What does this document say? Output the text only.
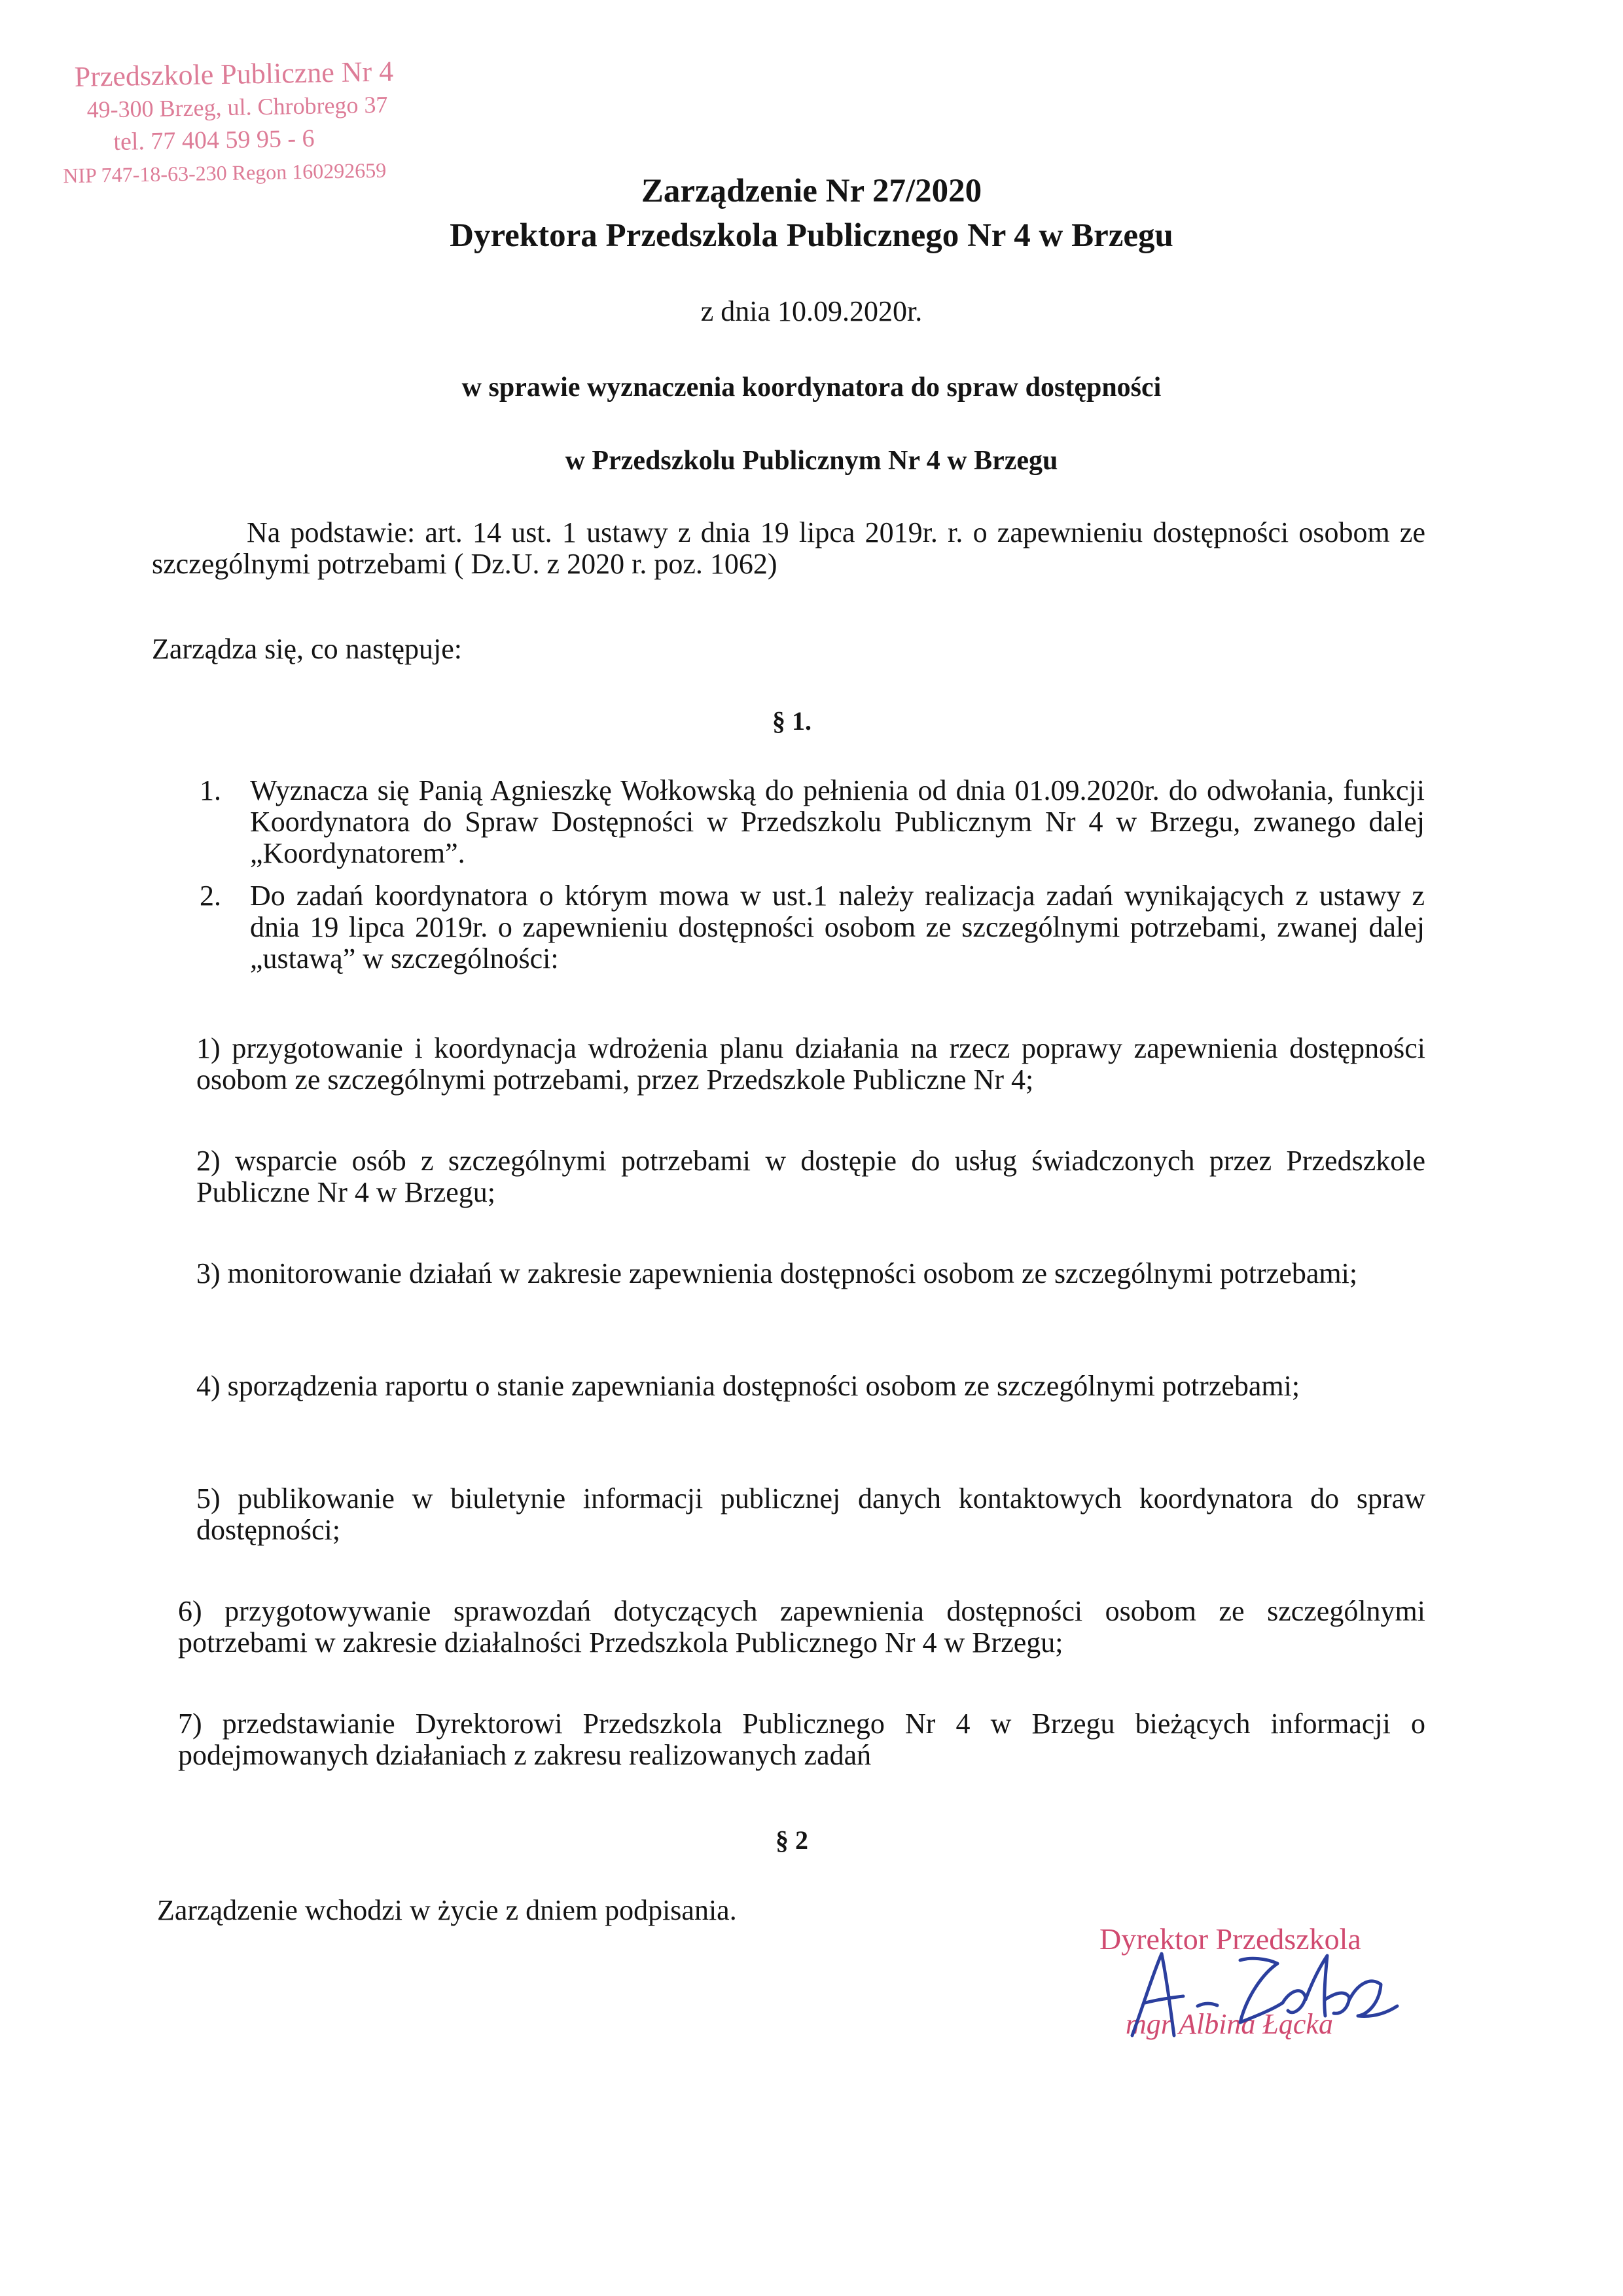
Przedszkole Publiczne Nr 4
49-300 Brzeg, ul. Chrobrego 37
tel. 77 404 59 95 - 6
NIP 747-18-63-230 Regon 160292659	Zarządzenie Nr 27/2020
Dyrektora Przedszkola Publicznego Nr 4 w Brzegu
z dnia 10.09.2020r.
w sprawie wyznaczenia koordynatora do spraw dostępności
w Przedszkolu Publicznym Nr 4 w Brzegu
Na podstawie: art. 14 ust. 1 ustawy z dnia 19 lipca 2019r. r. o zapewnieniu dostępności osobom ze szczególnymi potrzebami ( Dz.U. z 2020 r. poz. 1062)
Zarządza się, co następuje:
§ 1.
1. Wyznacza się Panią Agnieszkę Wołkowską do pełnienia od dnia 01.09.2020r. do odwołania, funkcji Koordynatora do Spraw Dostępności w Przedszkolu Publicznym Nr 4 w Brzegu, zwanego dalej „Koordynatorem”.
2. Do zadań koordynatora o którym mowa w ust.1 należy realizacja zadań wynikających z ustawy z dnia 19 lipca 2019r. o zapewnieniu dostępności osobom ze szczególnymi potrzebami, zwanej dalej „ustawą” w szczególności:
1) przygotowanie i koordynacja wdrożenia planu działania na rzecz poprawy zapewnienia dostępności osobom ze szczególnymi potrzebami, przez Przedszkole Publiczne Nr 4;
2) wsparcie osób z szczególnymi potrzebami w dostępie do usług świadczonych przez Przedszkole Publiczne Nr 4 w Brzegu;
3) monitorowanie działań w zakresie zapewnienia dostępności osobom ze szczególnymi potrzebami;
4) sporządzenia raportu o stanie zapewniania dostępności osobom ze szczególnymi potrzebami;
5) publikowanie w biuletynie informacji publicznej danych kontaktowych koordynatora do spraw dostępności;
6) przygotowywanie sprawozdań dotyczących zapewnienia dostępności osobom ze szczególnymi potrzebami w zakresie działalności Przedszkola Publicznego Nr 4 w Brzegu;
7) przedstawianie Dyrektorowi Przedszkola Publicznego Nr 4 w Brzegu bieżących informacji o podejmowanych działaniach z zakresu realizowanych zadań
§ 2
Zarządzenie wchodzi w życie z dniem podpisania.
Dyrektor Przedszkola
mgr Albina Łącka
